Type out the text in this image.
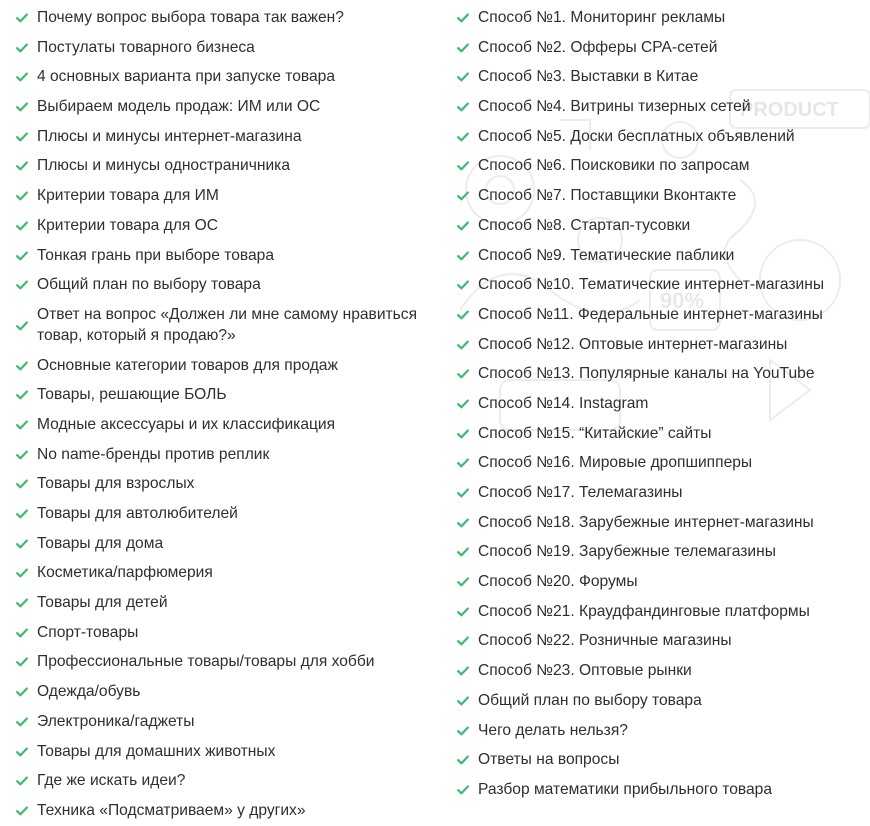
PRODUCT
90%
Почему вопрос выбора товара так важен?
Постулаты товарного бизнеса
4 основных варианта при запуске товара
Выбираем модель продаж: ИМ или ОС
Плюсы и минусы интернет-магазина
Плюсы и минусы одностраничника
Критерии товара для ИМ
Критерии товара для ОС
Тонкая грань при выборе товара
Общий план по выбору товара
Ответ на вопрос «Должен ли мне самому нравиться товар, который я продаю?»
Основные категории товаров для продаж
Товары, решающие БОЛЬ
Модные аксессуары и их классификация
No name-бренды против реплик
Товары для взрослых
Товары для автолюбителей
Товары для дома
Косметика/парфюмерия
Товары для детей
Спорт-товары
Профессиональные товары/товары для хобби
Одежда/обувь
Электроника/гаджеты
Товары для домашних животных
Где же искать идеи?
Техника «Подсматриваем» у других»
Способ №1. Мониторинг рекламы
Способ №2. Офферы CPA-сетей
Способ №3. Выставки в Китае
Способ №4. Витрины тизерных сетей
Способ №5. Доски бесплатных объявлений
Способ №6. Поисковики по запросам
Способ №7. Поставщики Вконтакте
Способ №8. Стартап-тусовки
Способ №9. Тематические паблики
Способ №10. Тематические интернет-магазины
Способ №11. Федеральные интернет-магазины
Способ №12. Оптовые интернет-магазины
Способ №13. Популярные каналы на YouTube
Способ №14. Instagram
Способ №15. “Китайские” сайты
Способ №16. Мировые дропшипперы
Способ №17. Телемагазины
Способ №18. Зарубежные интернет-магазины
Способ №19. Зарубежные телемагазины
Способ №20. Форумы
Способ №21. Краудфандинговые платформы
Способ №22. Розничные магазины
Способ №23. Оптовые рынки
Общий план по выбору товара
Чего делать нельзя?
Ответы на вопросы
Разбор математики прибыльного товара
